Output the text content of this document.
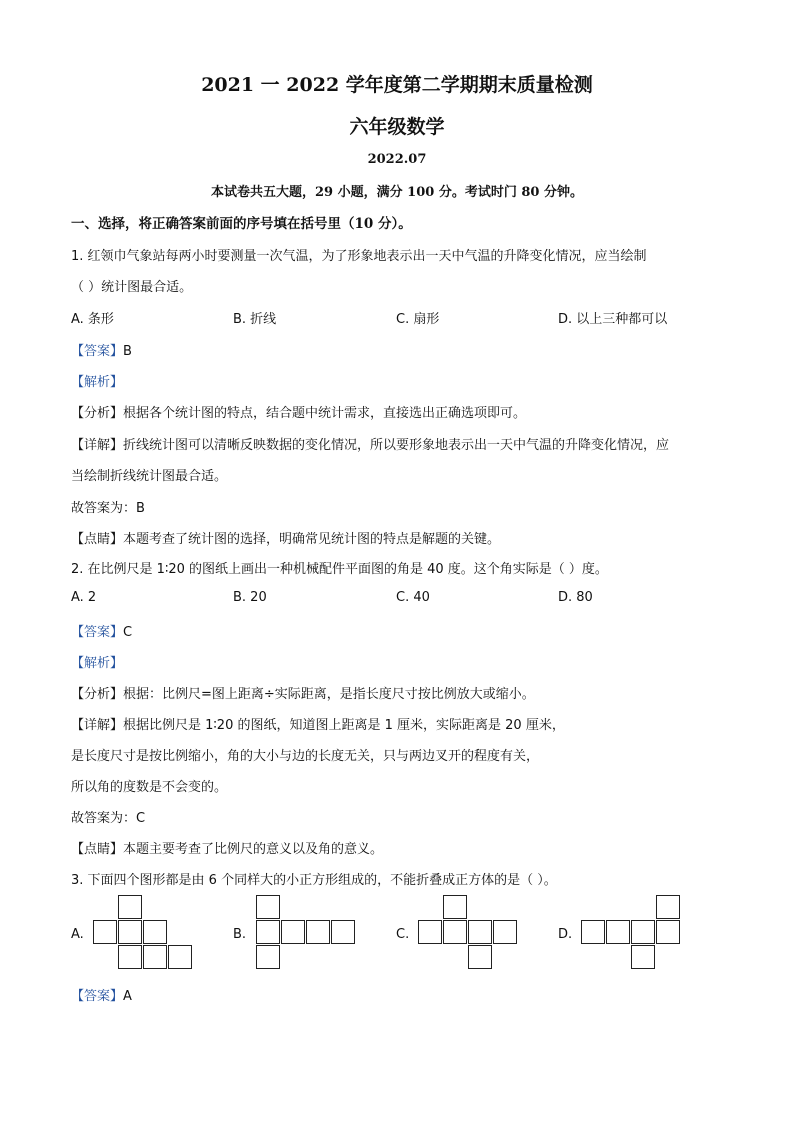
2021 一 2022 学年度第二学期期末质量检测
六年级数学
2022.07
本试卷共五大题，29 小题，满分 100 分。考试时门 80 分钟。
一、选择，将正确答案前面的序号填在括号里（10 分）。
1. 红领巾气象站每两小时要测量一次气温，为了形象地表示出一天中气温的升降变化情况，应当绘制
（ ）统计图最合适。
A. 条形	B. 折线	C. 扇形	D. 以上三种都可以
【答案】B
【解析】
【分析】根据各个统计图的特点，结合题中统计需求，直接选出正确选项即可。
【详解】折线统计图可以清晰反映数据的变化情况，所以要形象地表示出一天中气温的升降变化情况，应
当绘制折线统计图最合适。
故答案为：B
【点睛】本题考查了统计图的选择，明确常见统计图的特点是解题的关键。
2. 在比例尺是 1∶20 的图纸上画出一种机械配件平面图的角是 40 度。这个角实际是（ ）度。
A. 2	B. 20	C. 40	D. 80
【答案】C
【解析】
【分析】根据：比例尺=图上距离÷实际距离，是指长度尺寸按比例放大或缩小。
【详解】根据比例尺是 1∶20 的图纸，知道图上距离是 1 厘米，实际距离是 20 厘米，
是长度尺寸是按比例缩小，角的大小与边的长度无关，只与两边叉开的程度有关，
所以角的度数是不会变的。
故答案为：C
【点睛】本题主要考查了比例尺的意义以及角的意义。
3. 下面四个图形都是由 6 个同样大的小正方形组成的，不能折叠成正方体的是（ ）。
A.	B.	C.	D.
【答案】A
